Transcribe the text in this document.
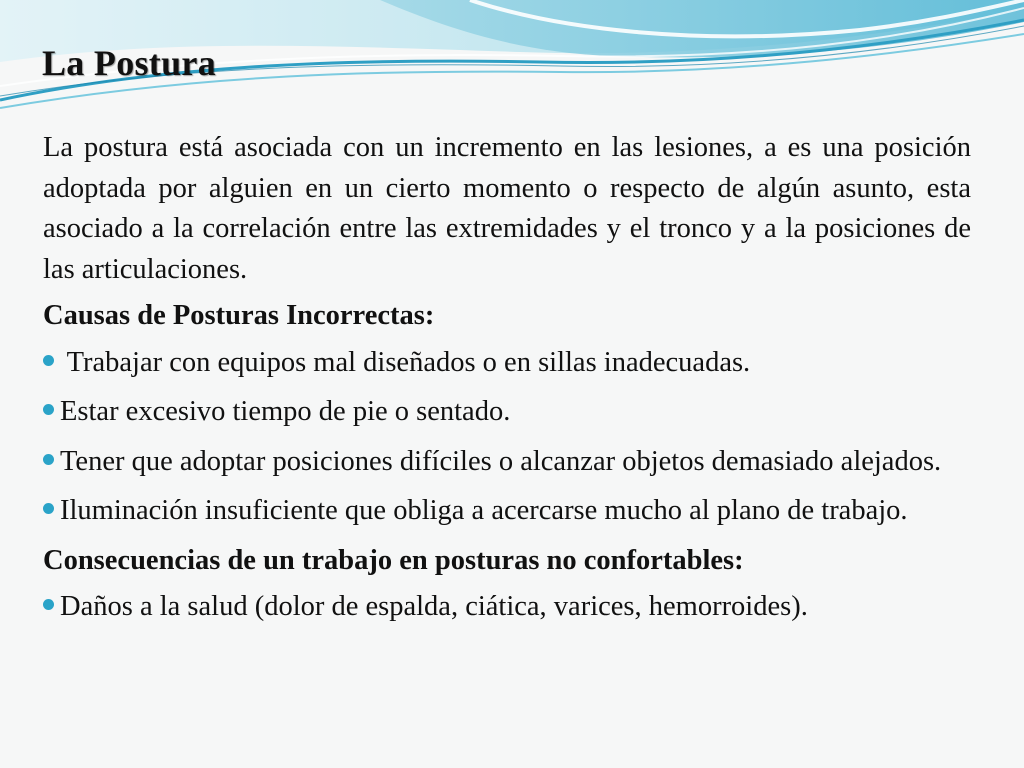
La Postura

La postura está asociada con un incremento en las lesiones, a es una posición adoptada por alguien en un cierto momento o respecto de algún asunto, esta asociado a la correlación entre las extremidades y el tronco y a la posiciones de las articulaciones.

Causas de Posturas Incorrectas:

Trabajar con equipos mal diseñados o en sillas inadecuadas.
Estar excesivo tiempo de pie o sentado.
Tener que adoptar posiciones difíciles o alcanzar objetos demasiado alejados.
Iluminación insuficiente que obliga a acercarse mucho al plano de trabajo.

Consecuencias de un trabajo en posturas no confortables:

Daños a la salud (dolor de espalda, ciática, varices, hemorroides).
